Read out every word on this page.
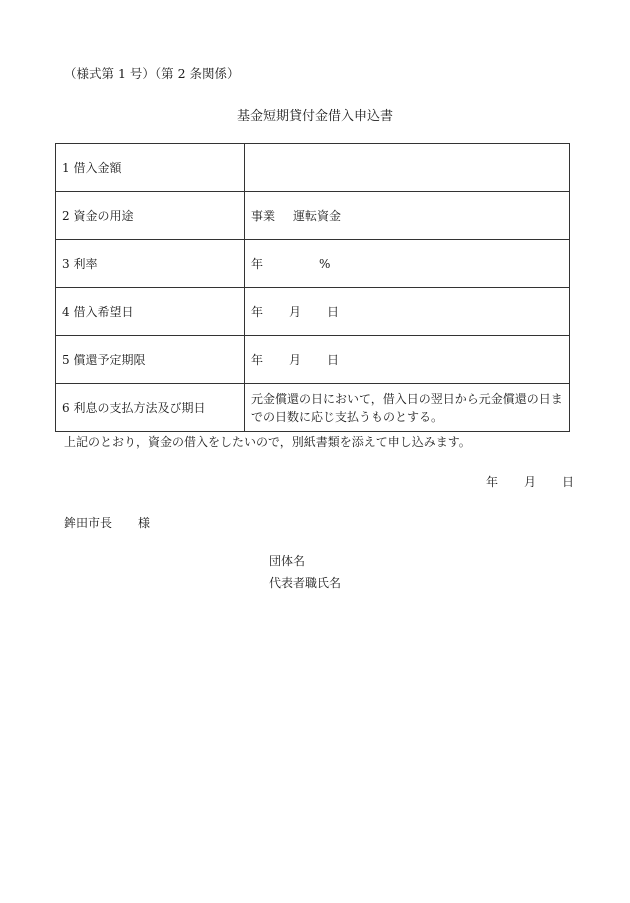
（様式第 1 号）（第 2 条関係）
基金短期貸付金借入申込書
1 借入金額	
2 資金の用途	事業 運転資金
3 利率	年 %
4 借入希望日	年 月 日
5 償還予定期限	年 月 日
6 利息の支払方法及び期日	元金償還の日において，借入日の翌日から元金償還の日までの日数に応じ支払うものとする。
上記のとおり，資金の借入をしたいので，別紙書類を添えて申し込みます。
年 月 日
鉾田市長 様
団体名
代表者職氏名
